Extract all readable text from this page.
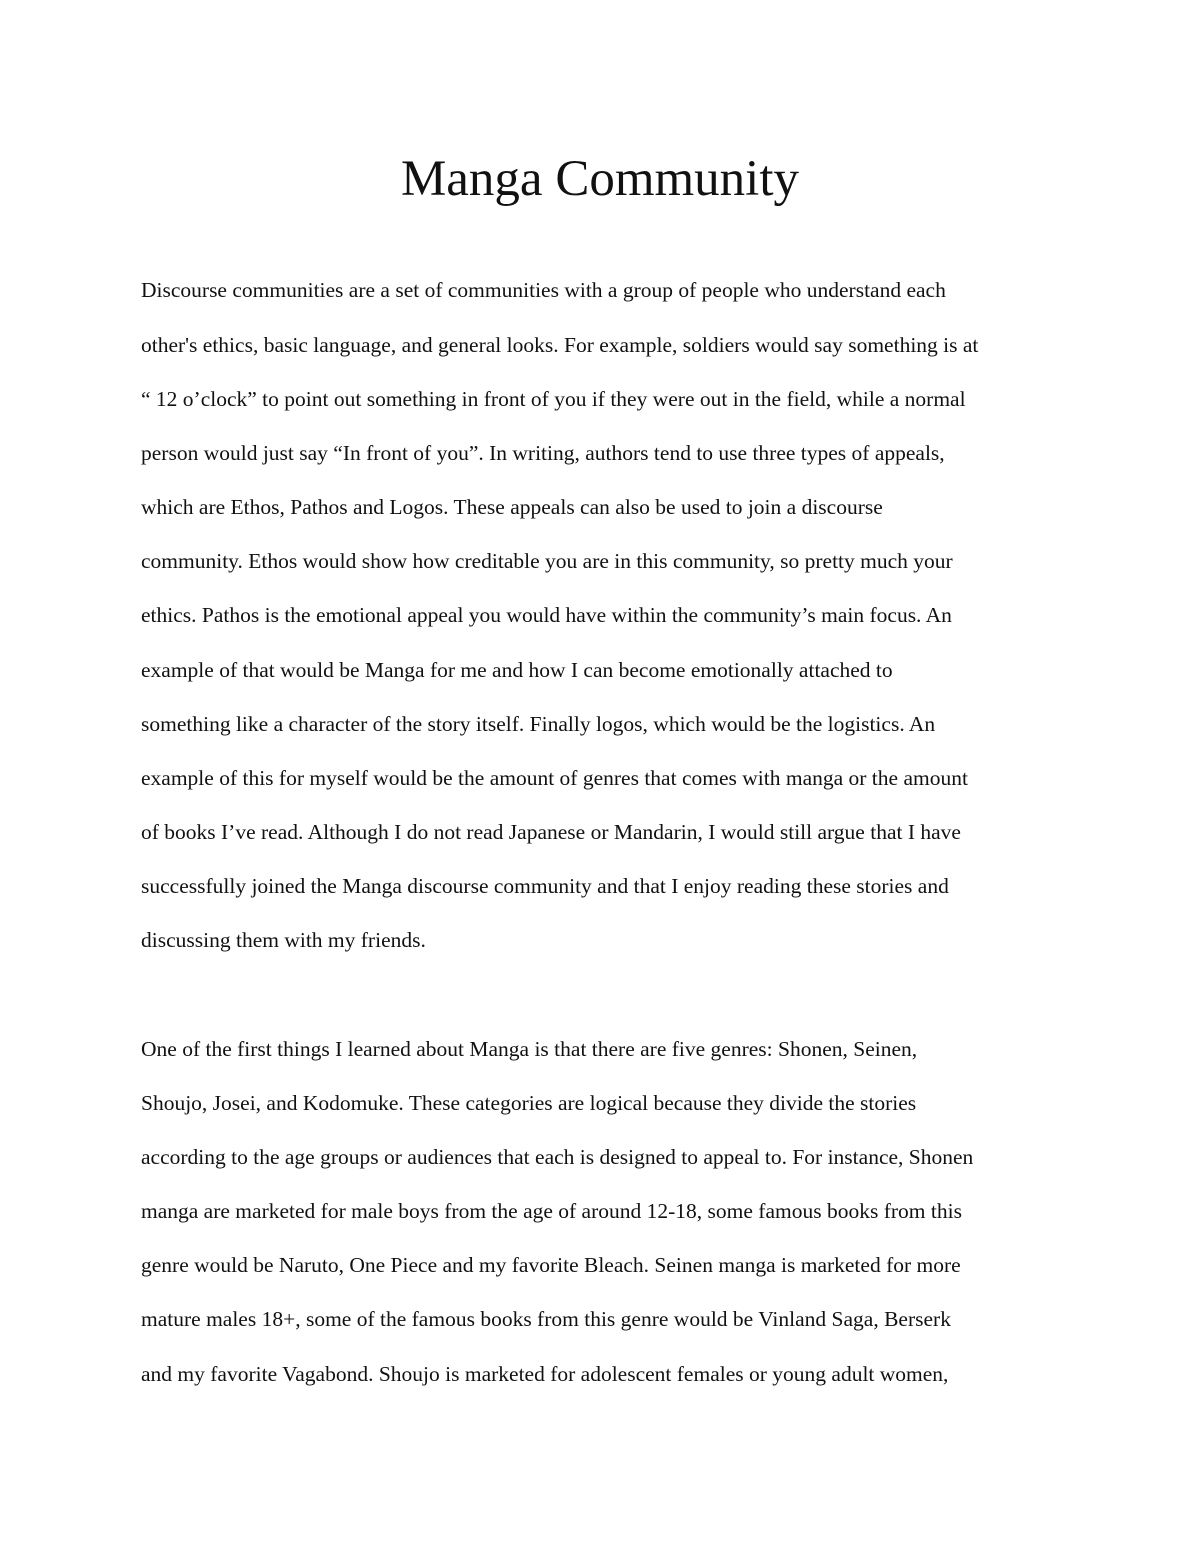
Manga Community

Discourse communities are a set of communities with a group of people who understand each

other's ethics, basic language, and general looks. For example, soldiers would say something is at

“ 12 o’clock” to point out something in front of you if they were out in the field, while a normal

person would just say “In front of you”. In writing, authors tend to use three types of appeals,

which are Ethos, Pathos and Logos. These appeals can also be used to join a discourse

community. Ethos would show how creditable you are in this community, so pretty much your

ethics. Pathos is the emotional appeal you would have within the community’s main focus. An

example of that would be Manga for me and how I can become emotionally attached to

something like a character of the story itself. Finally logos, which would be the logistics. An

example of this for myself would be the amount of genres that comes with manga or the amount

of books I’ve read. Although I do not read Japanese or Mandarin, I would still argue that I have

successfully joined the Manga discourse community and that I enjoy reading these stories and

discussing them with my friends.

One of the first things I learned about Manga is that there are five genres: Shonen, Seinen,

Shoujo, Josei, and Kodomuke. These categories are logical because they divide the stories

according to the age groups or audiences that each is designed to appeal to. For instance, Shonen

manga are marketed for male boys from the age of around 12-18, some famous books from this

genre would be Naruto, One Piece and my favorite Bleach. Seinen manga is marketed for more

mature males 18+, some of the famous books from this genre would be Vinland Saga, Berserk

and my favorite Vagabond. Shoujo is marketed for adolescent females or young adult women,
